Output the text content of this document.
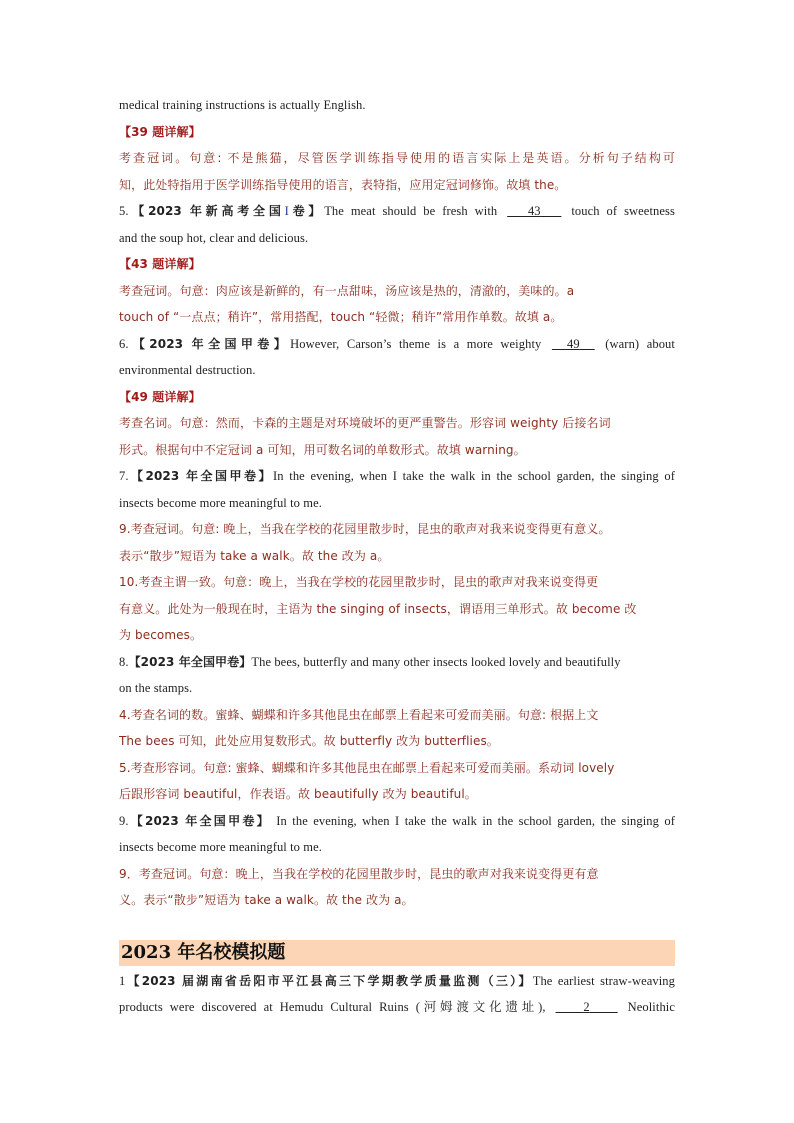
medical training instructions is actually English.
【39 题详解】
考查冠词。句意: 不是熊猫，尽管医学训练指导使用的语言实际上是英语。分析句子结构可
知，此处特指用于医学训练指导使用的语言，表特指，应用定冠词修饰。故填 the。
5.【2023 年新高考全国I卷】The meat should be fresh with 43 touch of sweetness
and the soup hot, clear and delicious.
【43 题详解】
考查冠词。句意：肉应该是新鲜的，有一点甜味，汤应该是热的，清澈的，美味的。a
touch of “一点点；稍许”，常用搭配，touch “轻微；稍许”常用作单数。故填 a。
6.【2023 年全国甲卷】However, Carson’s theme is a more weighty 49 (warn) about
environmental destruction.
【49 题详解】
考查名词。句意：然而，卡森的主题是对环境破坏的更严重警告。形容词 weighty 后接名词
形式。根据句中不定冠词 a 可知，用可数名词的单数形式。故填 warning。
7.【2023 年全国甲卷】In the evening, when I take the walk in the school garden, the singing of
insects become more meaningful to me.
9.考查冠词。句意: 晚上，当我在学校的花园里散步时，昆虫的歌声对我来说变得更有意义。
表示“散步”短语为 take a walk。故 the 改为 a。
10.考查主谓一致。句意：晚上，当我在学校的花园里散步时，昆虫的歌声对我来说变得更
有意义。此处为一般现在时，主语为 the singing of insects，谓语用三单形式。故 become 改
为 becomes。
8.【2023 年全国甲卷】The bees, butterfly and many other insects looked lovely and beautifully
on the stamps.
4.考查名词的数。蜜蜂、蝴蝶和许多其他昆虫在邮票上看起来可爱而美丽。句意: 根据上文
The bees 可知，此处应用复数形式。故 butterfly 改为 butterflies。
5.考查形容词。句意: 蜜蜂、蝴蝶和许多其他昆虫在邮票上看起来可爱而美丽。系动词 lovely
后跟形容词 beautiful，作表语。故 beautifully 改为 beautiful。
9.【2023 年全国甲卷】 In the evening, when I take the walk in the school garden, the singing of
insects become more meaningful to me.
9．考查冠词。句意：晚上，当我在学校的花园里散步时，昆虫的歌声对我来说变得更有意
义。表示“散步”短语为 take a walk。故 the 改为 a。
2023 年名校模拟题
1【2023 届湖南省岳阳市平江县高三下学期教学质量监测（三）】The earliest straw-weaving
products were discovered at Hemudu Cultural Ruins (河姆渡文化遗址),	2	Neolithic
